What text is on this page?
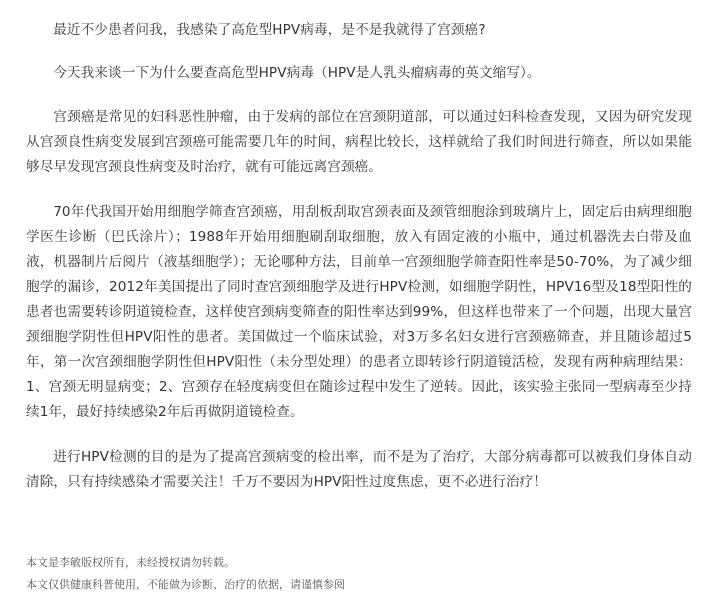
最近不少患者问我，我感染了高危型HPV病毒，是不是我就得了宫颈癌?

今天我来谈一下为什么要查高危型HPV病毒（HPV是人乳头瘤病毒的英文缩写）。

宫颈癌是常见的妇科恶性肿瘤，由于发病的部位在宫颈阴道部，可以通过妇科检查发现，又因为研究发现从宫颈良性病变发展到宫颈癌可能需要几年的时间，病程比较长，这样就给了我们时间进行筛查，所以如果能够尽早发现宫颈良性病变及时治疗，就有可能远离宫颈癌。

70年代我国开始用细胞学筛查宫颈癌，用刮板刮取宫颈表面及颈管细胞涂到玻璃片上，固定后由病理细胞学医生诊断（巴氏涂片）；1988年开始用细胞刷刮取细胞，放入有固定液的小瓶中，通过机器洗去白带及血液，机器制片后阅片（液基细胞学）；无论哪种方法，目前单一宫颈细胞学筛查阳性率是50-70%，为了减少细胞学的漏诊，2012年美国提出了同时查宫颈细胞学及进行HPV检测，如细胞学阴性，HPV16型及18型阳性的患者也需要转诊阴道镜检查，这样使宫颈病变筛查的阳性率达到99%，但这样也带来了一个问题，出现大量宫颈细胞学阴性但HPV阳性的患者。美国做过一个临床试验，对3万多名妇女进行宫颈癌筛查，并且随诊超过5年，第一次宫颈细胞学阴性但HPV阳性（未分型处理）的患者立即转诊行阴道镜活检，发现有两种病理结果：1、宫颈无明显病变；2、宫颈存在轻度病变但在随诊过程中发生了逆转。因此，该实验主张同一型病毒至少持续1年，最好持续感染2年后再做阴道镜检查。

进行HPV检测的目的是为了提高宫颈病变的检出率，而不是为了治疗，大部分病毒都可以被我们身体自动清除，只有持续感染才需要关注！千万不要因为HPV阳性过度焦虑，更不必进行治疗！

本文是李敏版权所有，未经授权请勿转载。

本文仅供健康科普使用，不能做为诊断、治疗的依据，请谨慎参阅
